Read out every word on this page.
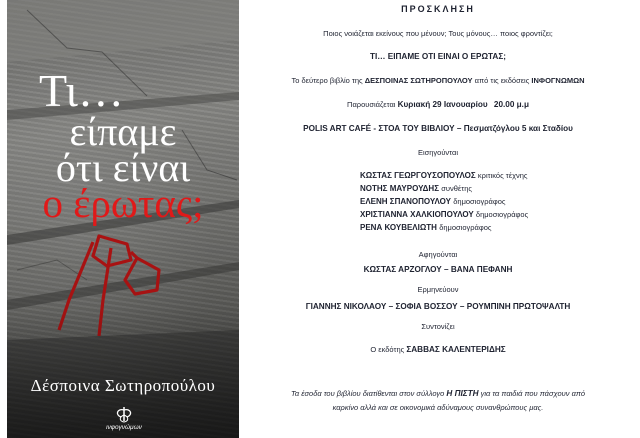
Τι…
είπαμε
ότι είναι
ο έρωτας;
Δέσποινα Σωτηροπούλου
ινφογνώμων
ΠΡΟΣΚΛΗΣΗ
Ποιος νοιάζεται εκείνους που μένουν; Τους μόνους… ποιος φροντίζει;
ΤΙ… ΕΙΠΑΜΕ ΟΤΙ ΕΙΝΑΙ Ο ΕΡΩΤΑΣ;
Το δεύτερο βιβλίο της ΔΕΣΠΟΙΝΑΣ ΣΩΤΗΡΟΠΟΥΛΟΥ από τις εκδόσεις ΙΝΦΟΓΝΩΜΩΝ
Παρουσιάζεται Κυριακή 29 Ιανουαρίου 20.00 μ.μ
POLIS ART CAFÉ - ΣΤΟΑ ΤΟΥ ΒΙΒΛΙΟΥ – Πεσματζόγλου 5 και Σταδίου
Εισηγούνται
ΚΩΣΤΑΣ ΓΕΩΡΓΟΥΣΟΠΟΥΛΟΣ κριτικός τέχνης
ΝΟΤΗΣ ΜΑΥΡΟΥΔΗΣ συνθέτης
ΕΛΕΝΗ ΣΠΑΝΟΠΟΥΛΟΥ δημοσιογράφος
ΧΡΙΣΤΙΑΝΝΑ ΧΑΛΚΙΟΠΟΥΛΟΥ δημοσιογράφος
ΡΕΝΑ ΚΟΥΒΕΛΙΩΤΗ δημοσιογράφος
Αφηγούνται
ΚΩΣΤΑΣ ΑΡΖΟΓΛΟΥ – ΒΑΝΑ ΠΕΦΑΝΗ
Ερμηνεύουν
ΓΙΑΝΝΗΣ ΝΙΚΟΛΑΟΥ – ΣΟΦΙΑ ΒΟΣΣΟΥ – ΡΟΥΜΠΙΝΗ ΠΡΩΤΟΨΑΛΤΗ
Συντονίζει
Ο εκδότης ΣΑΒΒΑΣ ΚΑΛΕΝΤΕΡΙΔΗΣ
Τα έσοδα του βιβλίου διατίθενται στον σύλλογο Η ΠΙΣΤΗ για τα παιδιά που πάσχουν από
καρκίνο αλλά και σε οικονομικά αδύναμους συνανθρώπους μας.
